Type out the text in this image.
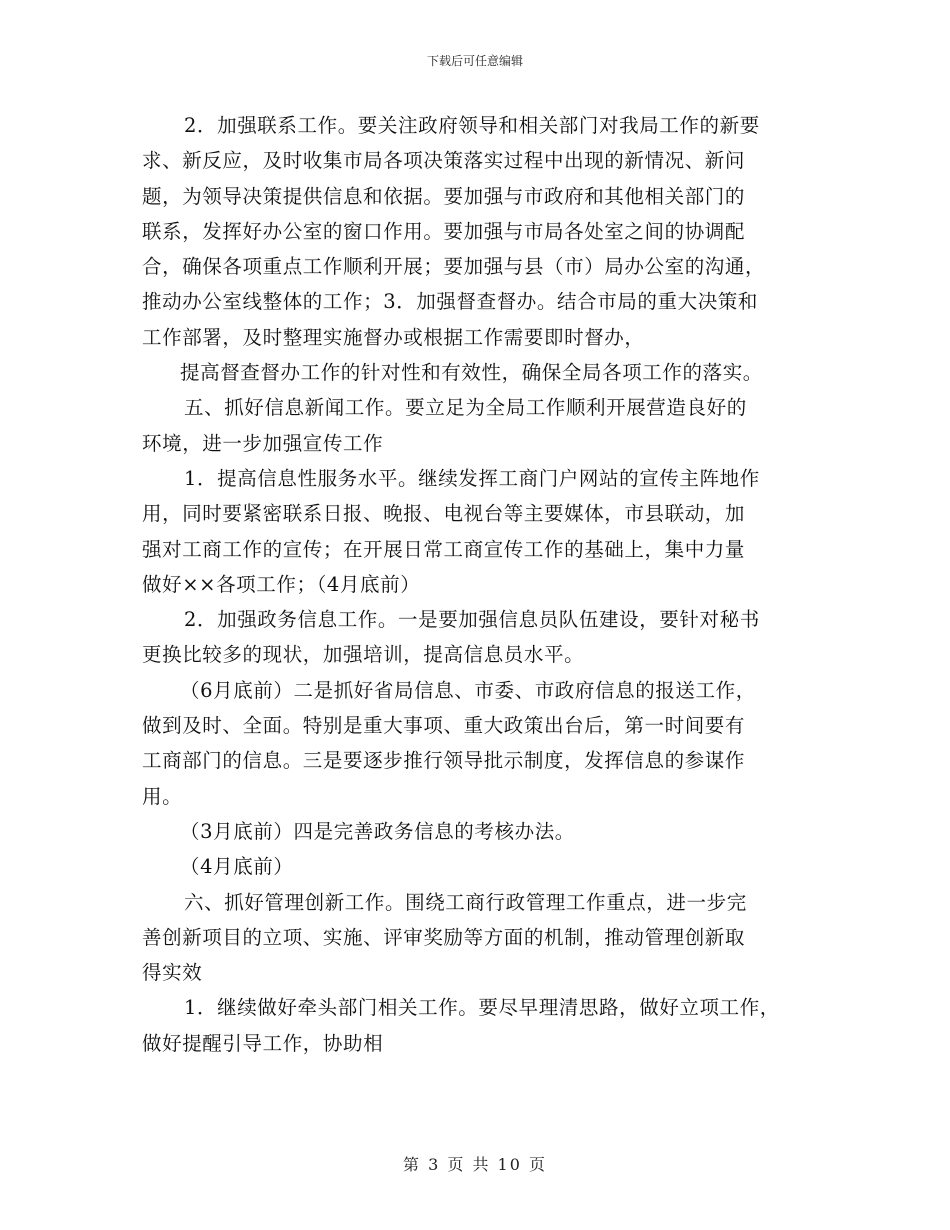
下载后可任意编辑

2．加强联系工作。要关注政府领导和相关部门对我局工作的新要
求、新反应，及时收集市局各项决策落实过程中出现的新情况、新问
题，为领导决策提供信息和依据。要加强与市政府和其他相关部门的
联系，发挥好办公室的窗口作用。要加强与市局各处室之间的协调配
合，确保各项重点工作顺利开展；要加强与县（市）局办公室的沟通，
推动办公室线整体的工作；3．加强督查督办。结合市局的重大决策和
工作部署，及时整理实施督办或根据工作需要即时督办，

提高督查督办工作的针对性和有效性，确保全局各项工作的落实。

五、抓好信息新闻工作。要立足为全局工作顺利开展营造良好的
环境，进一步加强宣传工作

1．提高信息性服务水平。继续发挥工商门户网站的宣传主阵地作
用，同时要紧密联系日报、晚报、电视台等主要媒体，市县联动，加
强对工商工作的宣传；在开展日常工商宣传工作的基础上，集中力量
做好××各项工作；（4月底前）

2．加强政务信息工作。一是要加强信息员队伍建设，要针对秘书
更换比较多的现状，加强培训，提高信息员水平。

（6月底前）二是抓好省局信息、市委、市政府信息的报送工作，
做到及时、全面。特别是重大事项、重大政策出台后，第一时间要有
工商部门的信息。三是要逐步推行领导批示制度，发挥信息的参谋作
用。

（3月底前）四是完善政务信息的考核办法。

（4月底前）

六、抓好管理创新工作。围绕工商行政管理工作重点，进一步完
善创新项目的立项、实施、评审奖励等方面的机制，推动管理创新取
得实效

1．继续做好牵头部门相关工作。要尽早理清思路，做好立项工作，
做好提醒引导工作，协助相

第 3 页 共 10 页
